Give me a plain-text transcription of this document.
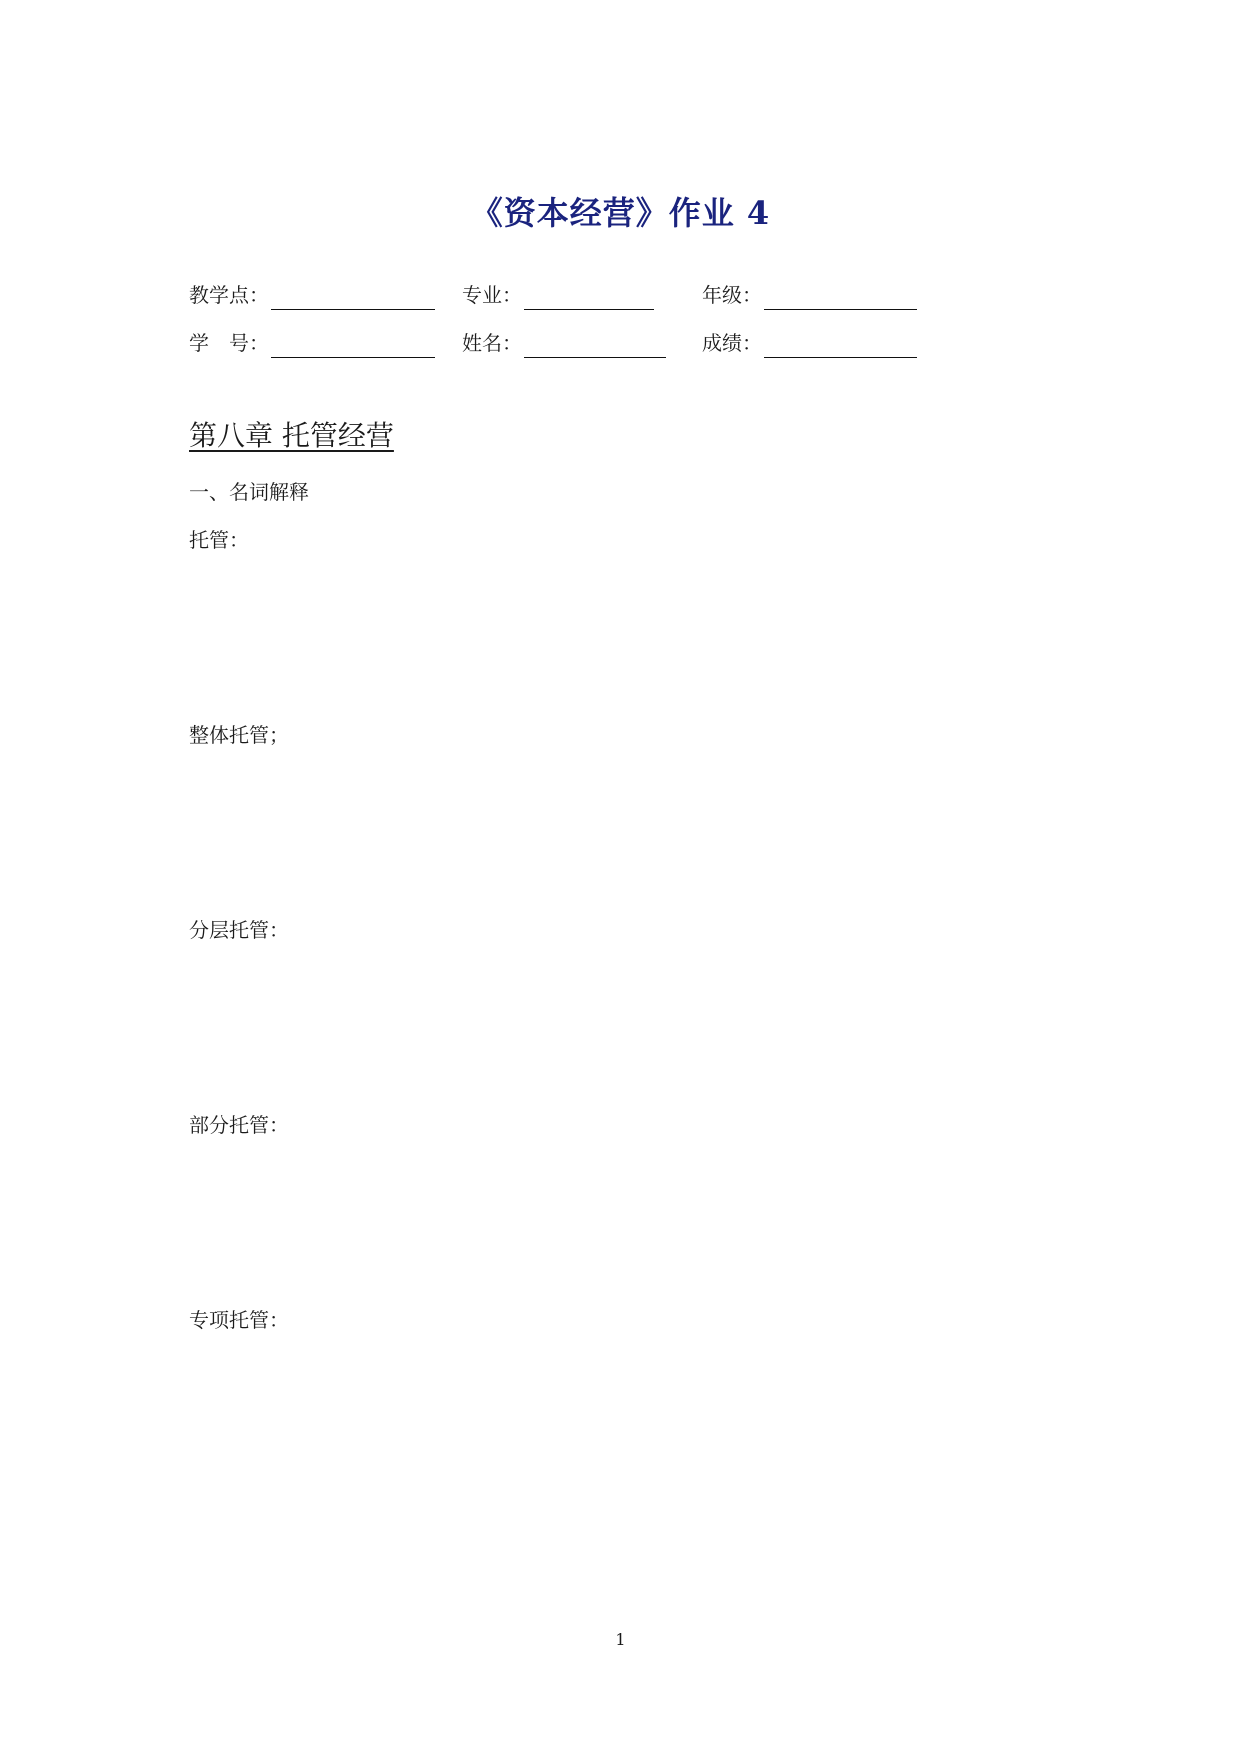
《资本经营》作业 4
教学点：	专业：	年级：
学　号：	姓名：	成绩：
第八章 托管经营

一、名词解释

托管：

整体托管；

分层托管：

部分托管：

专项托管：

1
